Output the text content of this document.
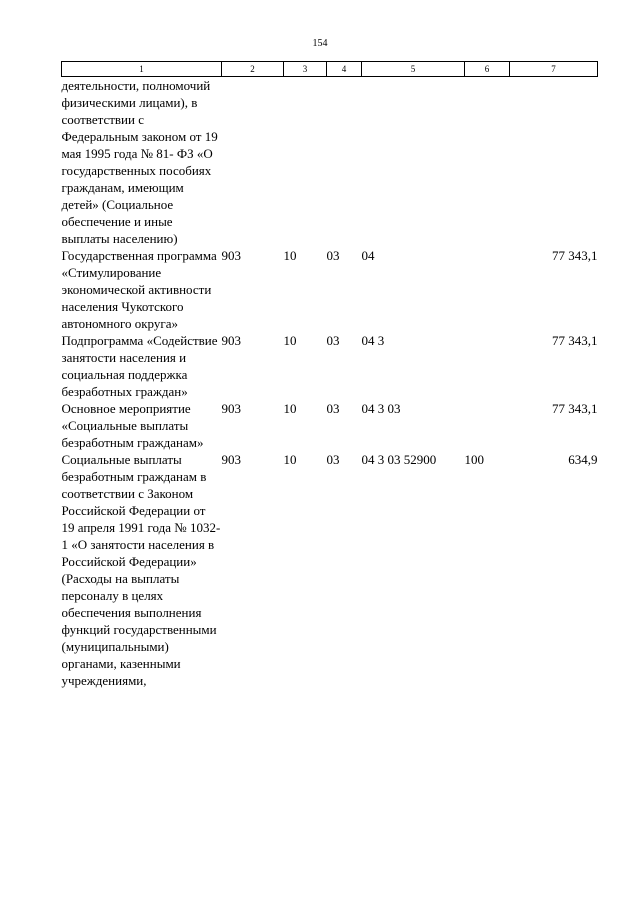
154
1	2	3	4	5	6	7
деятельности, полномочий физическими лицами), в соответствии с Федеральным законом от 19 мая 1995 года № 81- ФЗ «О государственных пособиях гражданам, имеющим детей» (Социальное обеспечение и иные выплаты населению)						
Государственная программа «Стимулирование экономической активности населения Чукотского автономного округа»	903	10	03	04		77 343,1
Подпрограмма «Содействие занятости населения и социальная поддержка безработных граждан»	903	10	03	04 3		77 343,1
Основное мероприятие «Социальные выплаты безработным гражданам»	903	10	03	04 3 03		77 343,1
Социальные выплаты безработным гражданам в соответствии с Законом Российской Федерации от 19 апреля 1991 года № 1032-1 «О занятости населения в Российской Федерации» (Расходы на выплаты персоналу в целях обеспечения выполнения функций государственными (муниципальными) органами, казенными учреждениями,	903	10	03	04 3 03 52900	100	634,9
